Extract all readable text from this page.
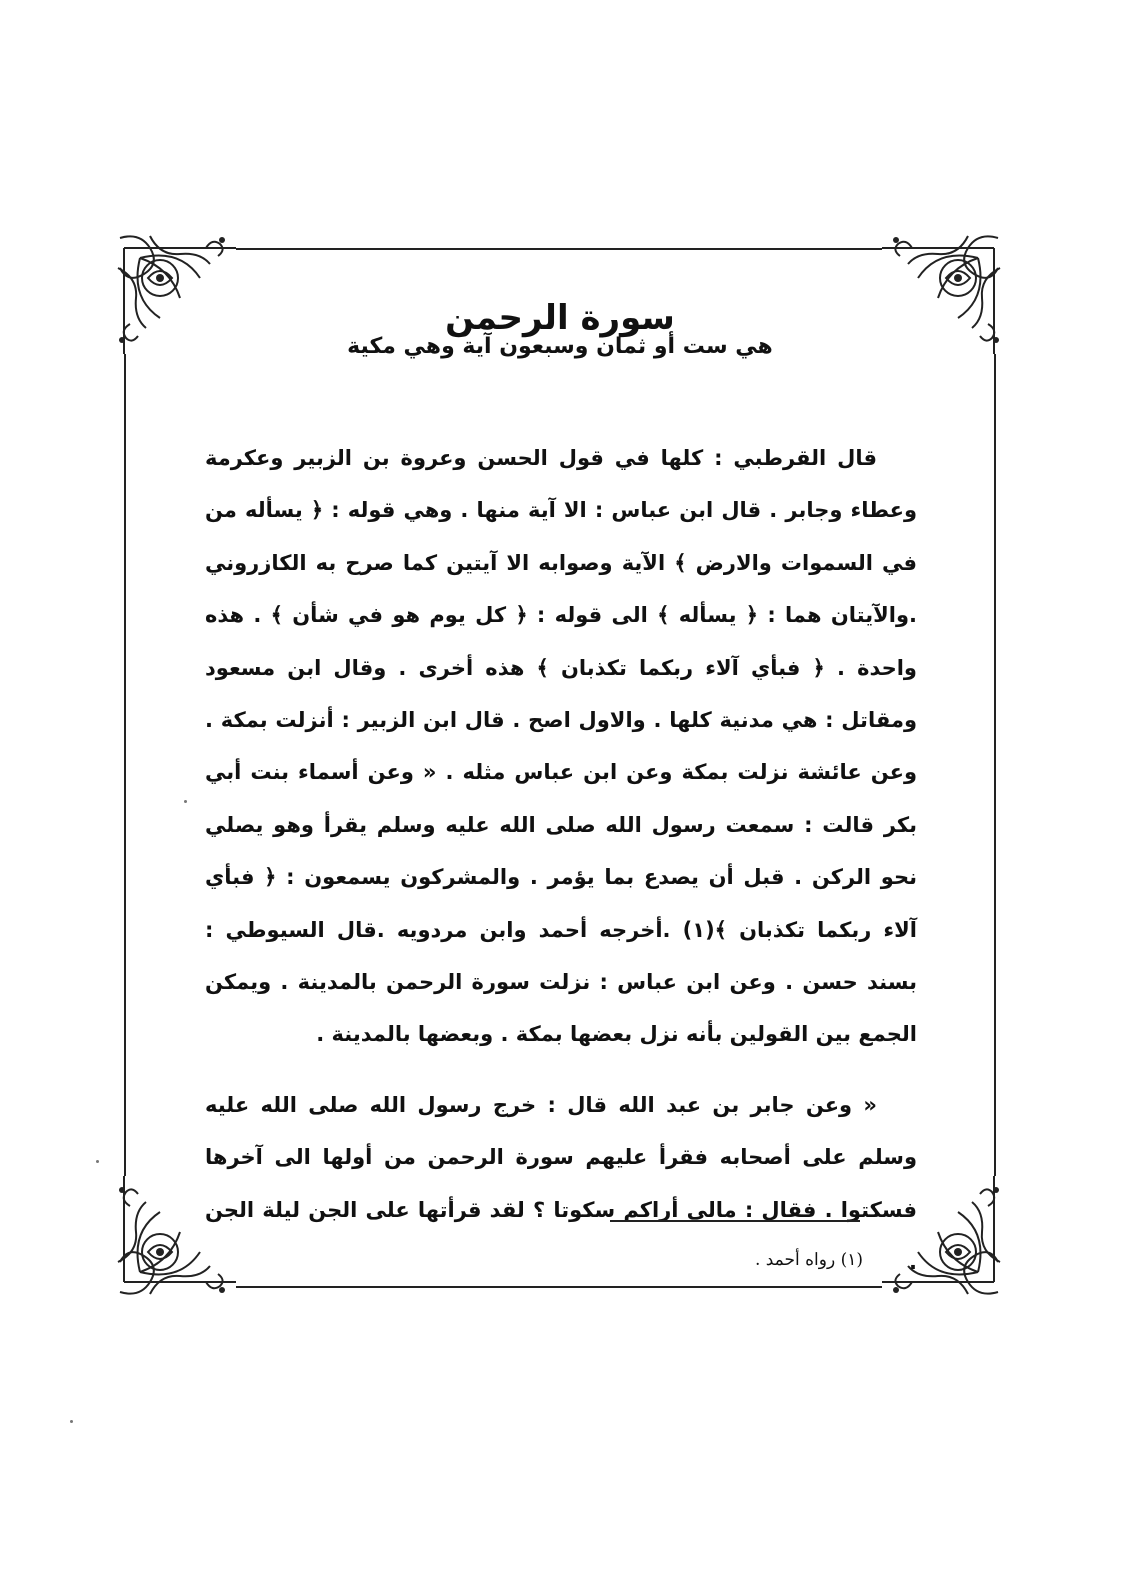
سورة الرحمن
هي ست أو ثمان وسبعون آية وهي مكية

قال القرطبي : كلها في قول الحسن وعروة بن الزبير وعكرمة وعطاء وجابر . قال ابن عباس : الا آية منها . وهي قوله : ﴿ يسأله من في السموات والارض ﴾ الآية وصوابه الا آيتين كما صرح به الكازروني .والآيتان هما : ﴿ يسأله ﴾ الى قوله : ﴿ كل يوم هو في شأن ﴾ . هذه واحدة . ﴿ فبأي آلاء ربكما تكذبان ﴾ هذه أخرى . وقال ابن مسعود ومقاتل : هي مدنية كلها . والاول اصح . قال ابن الزبير : أنزلت بمكة . وعن عائشة نزلت بمكة وعن ابن عباس مثله . « وعن أسماء بنت أبي بكر قالت : سمعت رسول الله صلى الله عليه وسلم يقرأ وهو يصلي نحو الركن . قبل أن يصدع بما يؤمر . والمشركون يسمعون : ﴿ فبأي آلاء ربكما تكذبان ﴾(١) .أخرجه أحمد وابن مردويه .قال السيوطي : بسند حسن . وعن ابن عباس : نزلت سورة الرحمن بالمدينة . ويمكن الجمع بين القولين بأنه نزل بعضها بمكة . وبعضها بالمدينة .

« وعن جابر بن عبد الله قال : خرج رسول الله صلى الله عليه وسلم على أصحابه فقرأ عليهم سورة الرحمن من أولها الى آخرها فسكتوا . فقال : مالي أراكم سكوتا ؟ لقد قرأتها على الجن ليلة الجن .

(١) رواه أحمد .
